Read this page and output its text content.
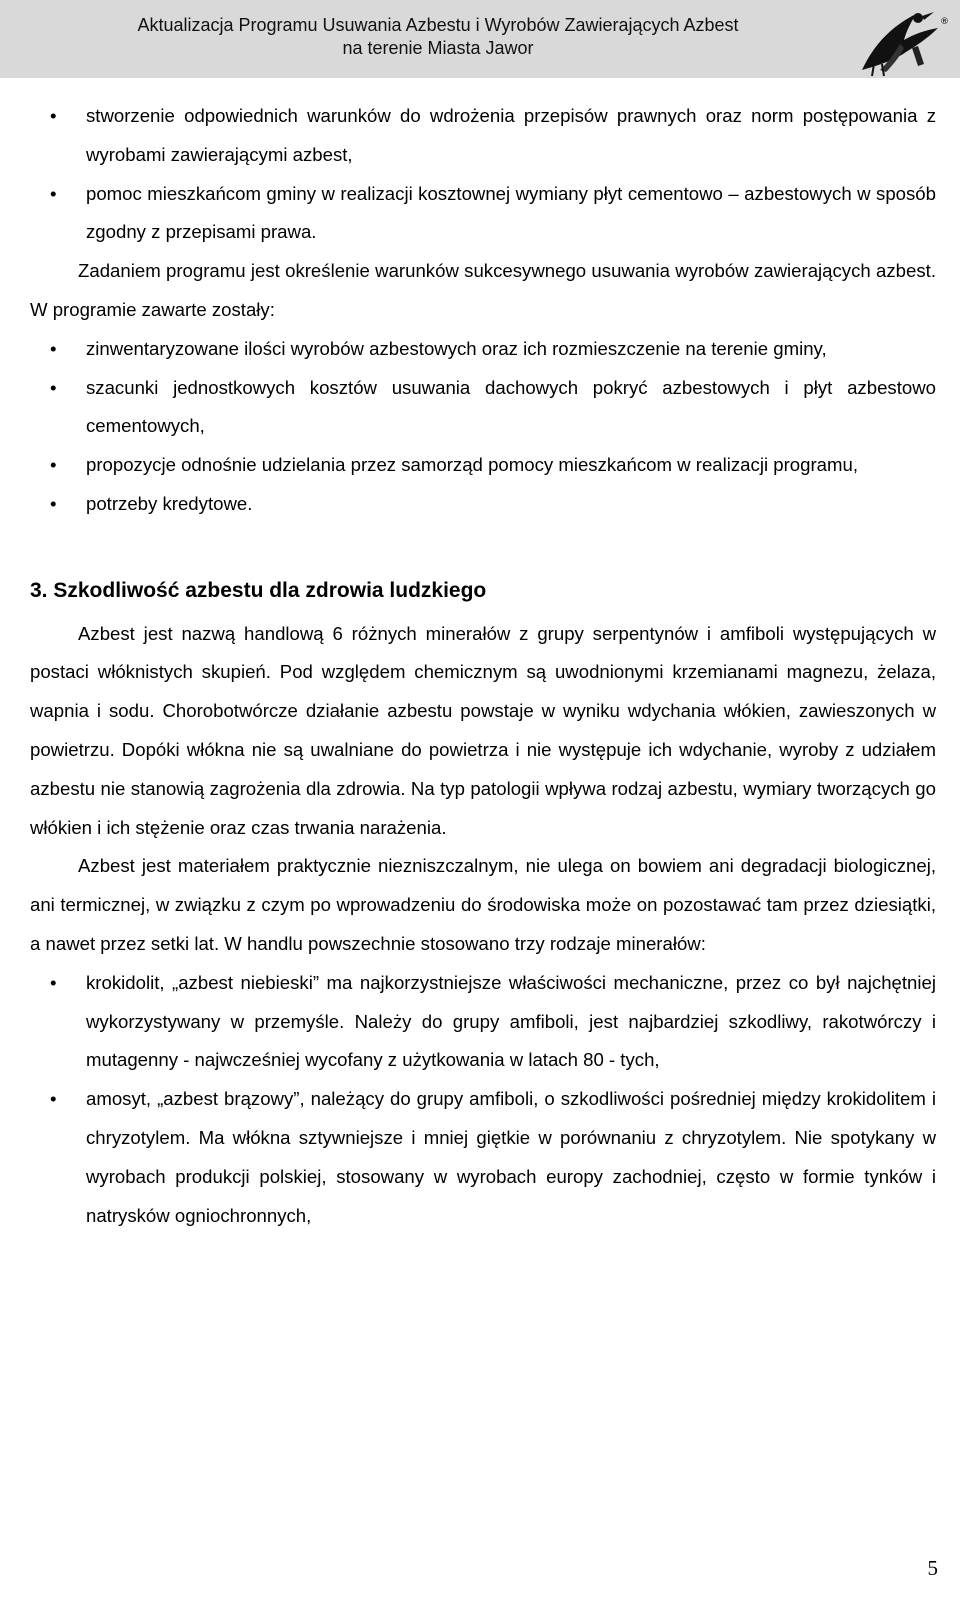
Aktualizacja Programu Usuwania Azbestu i Wyrobów Zawierających Azbest
na terenie Miasta Jawor
®
• stworzenie odpowiednich warunków do wdrożenia przepisów prawnych oraz norm postępowania z wyrobami zawierającymi azbest,
• pomoc mieszkańcom gminy w realizacji kosztownej wymiany płyt cementowo – azbestowych w sposób zgodny z przepisami prawa.

Zadaniem programu jest określenie warunków sukcesywnego usuwania wyrobów zawierających azbest. W programie zawarte zostały:

• zinwentaryzowane ilości wyrobów azbestowych oraz ich rozmieszczenie na terenie gminy,
• szacunki jednostkowych kosztów usuwania dachowych pokryć azbestowych i płyt azbestowo cementowych,
• propozycje odnośnie udzielania przez samorząd pomocy mieszkańcom w realizacji programu,
• potrzeby kredytowe.
3. Szkodliwość azbestu dla zdrowia ludzkiego

Azbest jest nazwą handlową 6 różnych minerałów z grupy serpentynów i amfiboli występujących w postaci włóknistych skupień. Pod względem chemicznym są uwodnionymi krzemianami magnezu, żelaza, wapnia i sodu. Chorobotwórcze działanie azbestu powstaje w wyniku wdychania włókien, zawieszonych w powietrzu. Dopóki włókna nie są uwalniane do powietrza i nie występuje ich wdychanie, wyroby z udziałem azbestu nie stanowią zagrożenia dla zdrowia. Na typ patologii wpływa rodzaj azbestu, wymiary tworzących go włókien i ich stężenie oraz czas trwania narażenia.

Azbest jest materiałem praktycznie niezniszczalnym, nie ulega on bowiem ani degradacji biologicznej, ani termicznej, w związku z czym po wprowadzeniu do środowiska może on pozostawać tam przez dziesiątki, a nawet przez setki lat. W handlu powszechnie stosowano trzy rodzaje minerałów:

• krokidolit, „azbest niebieski” ma najkorzystniejsze właściwości mechaniczne, przez co był najchętniej wykorzystywany w przemyśle. Należy do grupy amfiboli, jest najbardziej szkodliwy, rakotwórczy i mutagenny - najwcześniej wycofany z użytkowania w latach 80 - tych,
• amosyt, „azbest brązowy”, należący do grupy amfiboli, o szkodliwości pośredniej między krokidolitem i chryzotylem. Ma włókna sztywniejsze i mniej giętkie w porównaniu z chryzotylem. Nie spotykany w wyrobach produkcji polskiej, stosowany w wyrobach europy zachodniej, często w formie tynków i natrysków ogniochronnych,
5
